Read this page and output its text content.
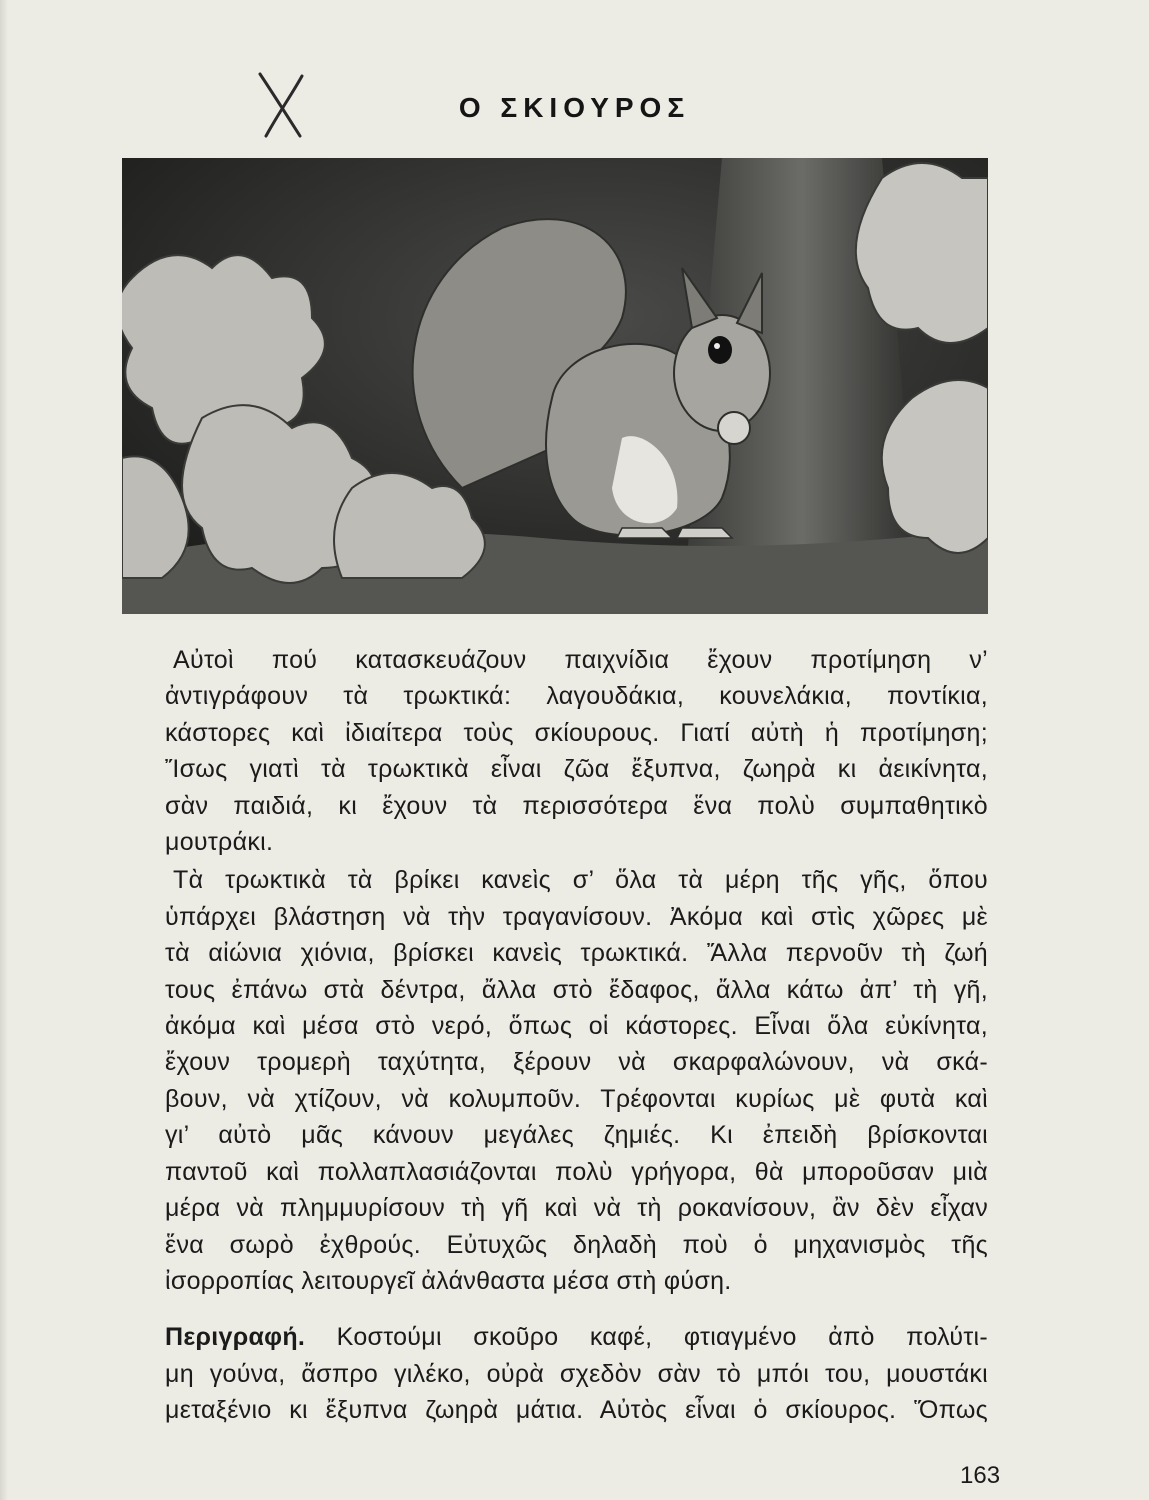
Ο ΣΚΙΟΥΡΟΣ
Αὐτοὶ πού κατασκευάζουν παιχνίδια ἔχουν προτίμηση ν’
ἀντιγράφουν τὰ τρωκτικά: λαγουδάκια, κουνελάκια, ποντίκια,
κάστορες καὶ ἰδιαίτερα τοὺς σκίουρους. Γιατί αὐτὴ ἡ προτίμηση;
Ἴσως γιατὶ τὰ τρωκτικὰ εἶναι ζῶα ἔξυπνα, ζωηρὰ κι ἀεικίνητα,
σὰν παιδιά, κι ἔχουν τὰ περισσότερα ἕνα πολὺ συμπαθητικὸ
μουτράκι.
Τὰ τρωκτικὰ τὰ βρίκει κανεὶς σ’ ὅλα τὰ μέρη τῆς γῆς, ὅπου
ὑπάρχει βλάστηση νὰ τὴν τραγανίσουν. Ἀκόμα καὶ στὶς χῶρες μὲ
τὰ αἰώνια χιόνια, βρίσκει κανεὶς τρωκτικά. Ἄλλα περνοῦν τὴ ζωή
τους ἐπάνω στὰ δέντρα, ἄλλα στὸ ἔδαφος, ἄλλα κάτω ἀπ’ τὴ γῆ,
ἀκόμα καὶ μέσα στὸ νερό, ὅπως οἱ κάστορες. Εἶναι ὅλα εὐκίνητα,
ἔχουν τρομερὴ ταχύτητα, ξέρουν νὰ σκαρφαλώνουν, νὰ σκά-
βουν, νὰ χτίζουν, νὰ κολυμποῦν. Τρέφονται κυρίως μὲ φυτὰ καὶ
γι’ αὐτὸ μᾶς κάνουν μεγάλες ζημιές. Κι ἐπειδὴ βρίσκονται
παντοῦ καὶ πολλαπλασιάζονται πολὺ γρήγορα, θὰ μποροῦσαν μιὰ
μέρα νὰ πλημμυρίσουν τὴ γῆ καὶ νὰ τὴ ροκανίσουν, ἂν δὲν εἶχαν
ἕνα σωρὸ ἐχθρούς. Εὐτυχῶς δηλαδὴ ποὺ ὁ μηχανισμὸς τῆς
ἰσορροπίας λειτουργεῖ ἀλάνθαστα μέσα στὴ φύση.
Περιγραφή. Κοστούμι σκοῦρο καφέ, φτιαγμένο ἀπὸ πολύτι-
μη γούνα, ἄσπρο γιλέκο, οὐρὰ σχεδὸν σὰν τὸ μπόι του, μουστάκι
μεταξένιο κι ἔξυπνα ζωηρὰ μάτια. Αὐτὸς εἶναι ὁ σκίουρος. Ὅπως
163
